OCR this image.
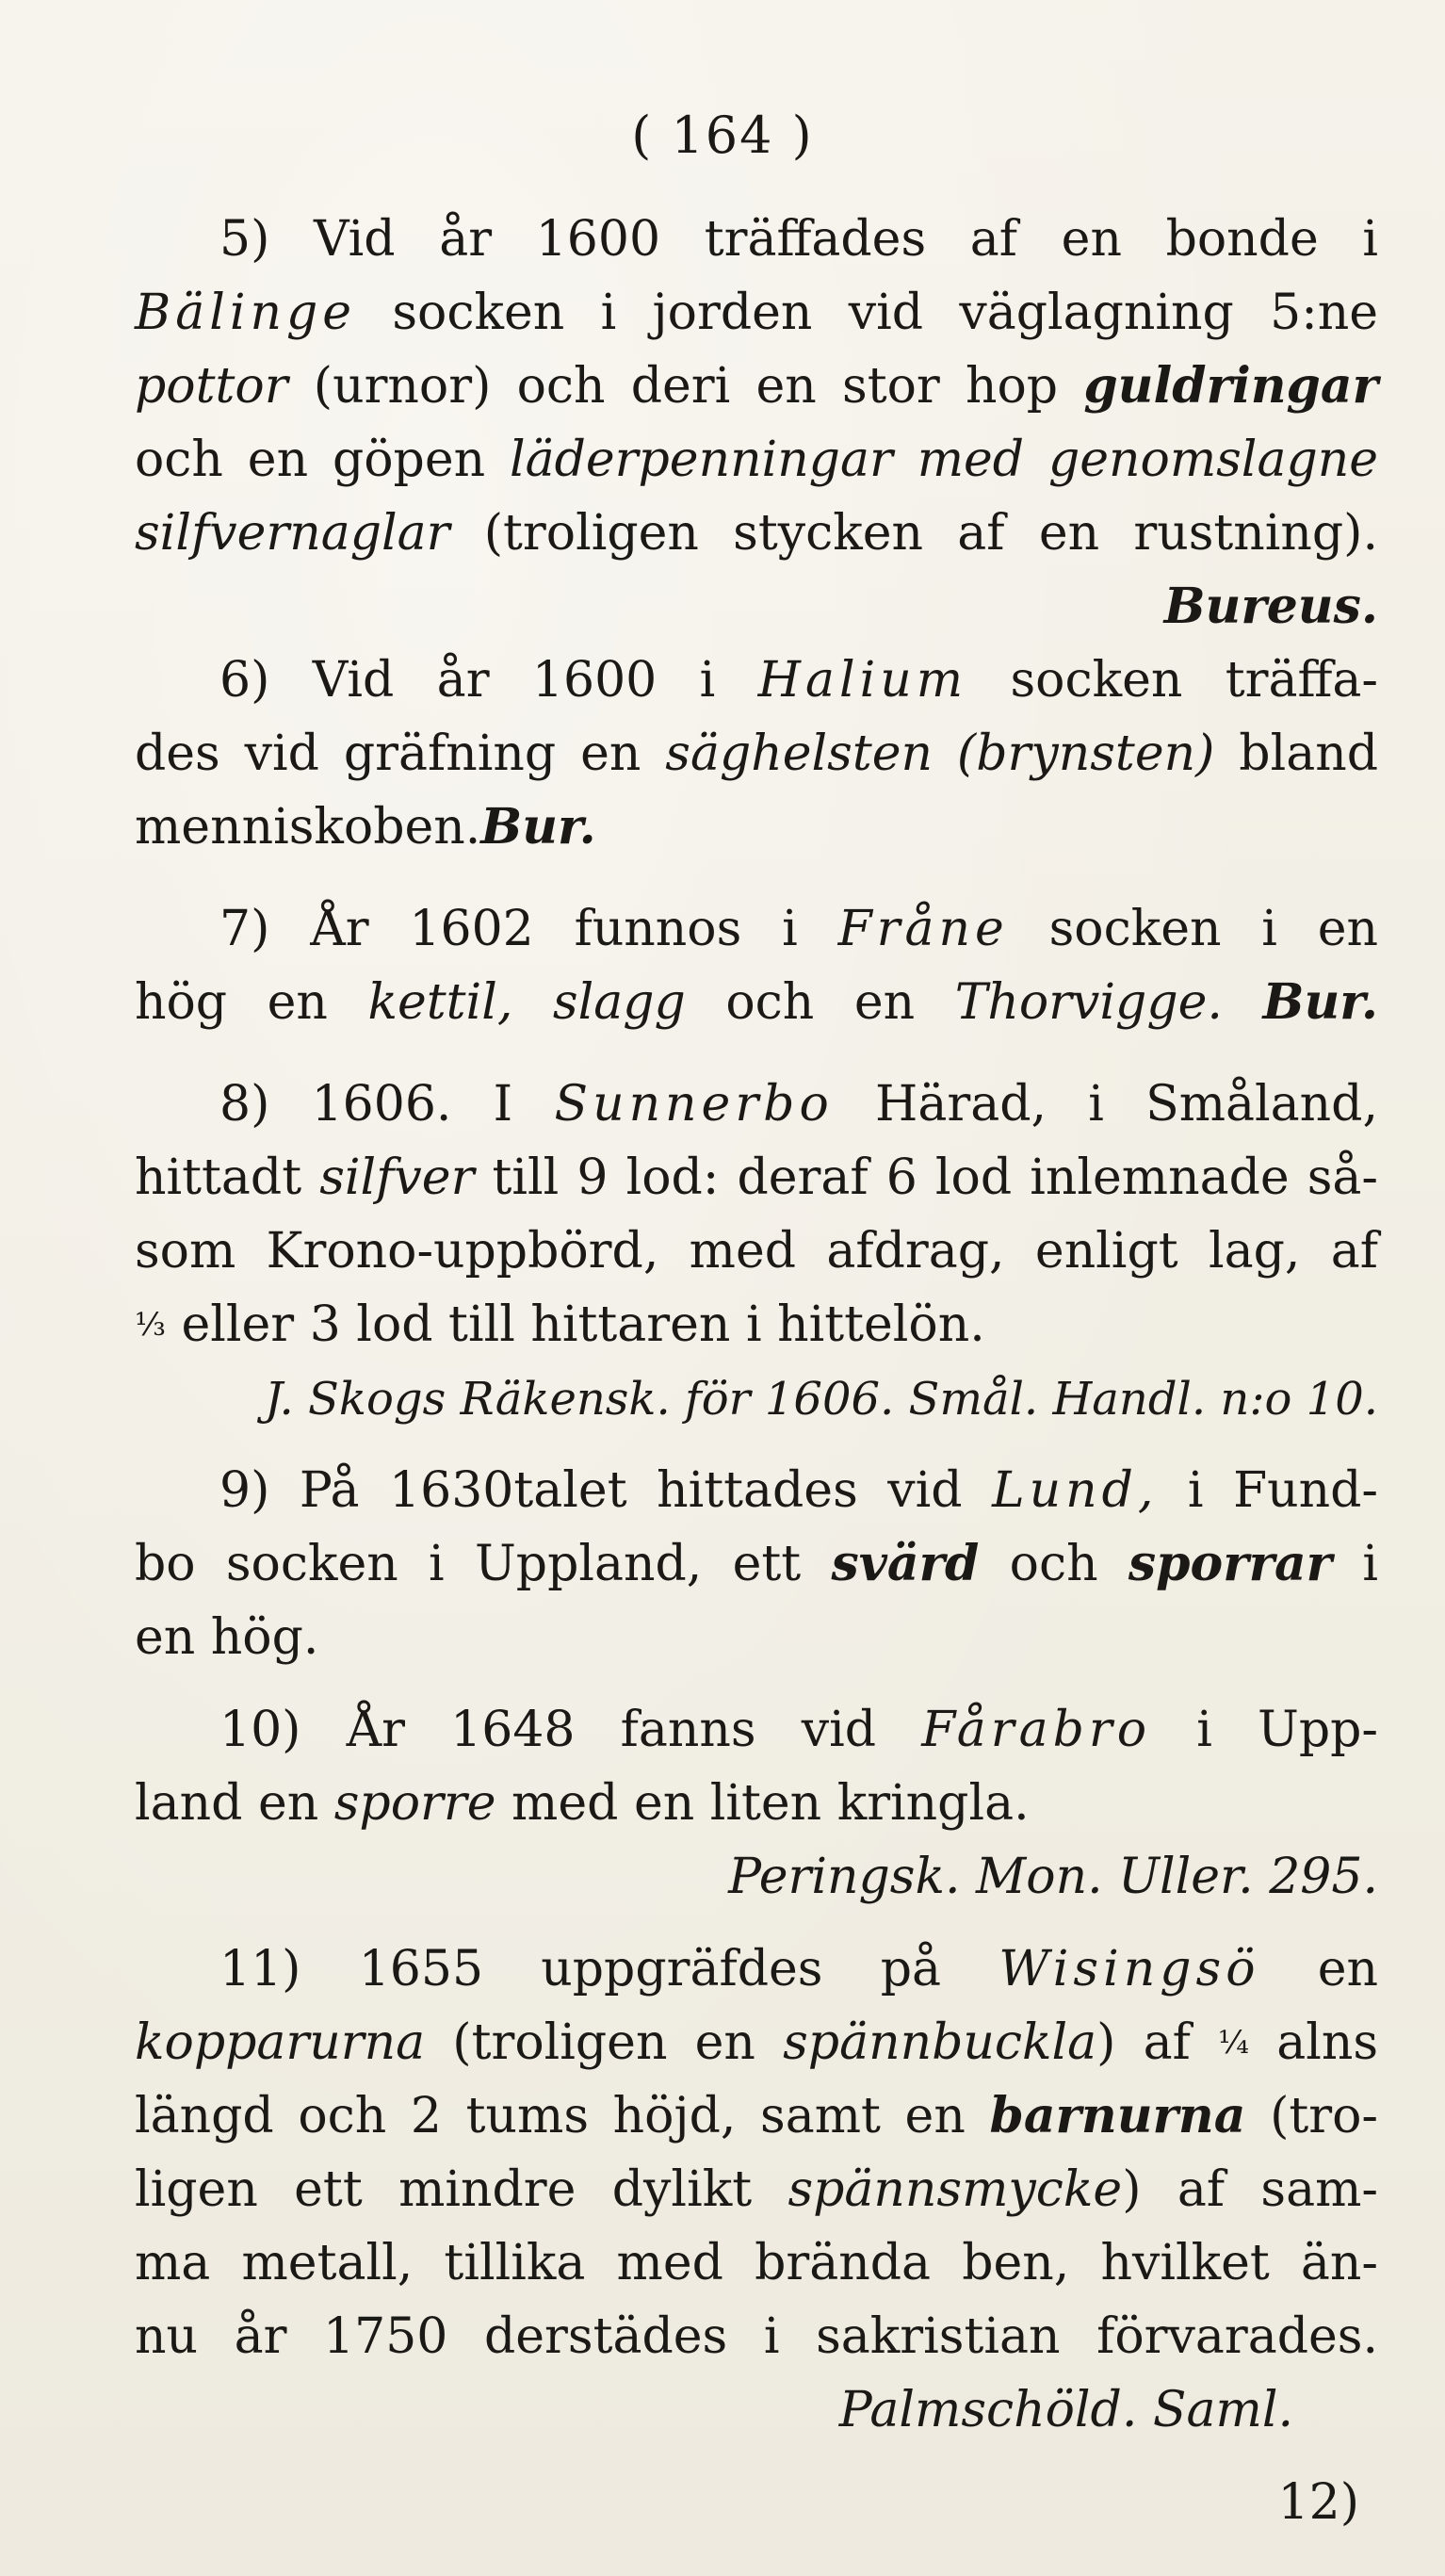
( 164 )
5) Vid år 1600 träffades af en bonde i
Bälinge socken i jorden vid väglagning 5:ne
pottor (urnor) och deri en stor hop guldringar
och en göpen läderpenningar med genomslagne
silfvernaglar (troligen stycken af en rustning).
Bureus.
6) Vid år 1600 i Halium socken träffa-
des vid gräfning en säghelsten (brynsten) bland
menniskoben.Bur.
7) År 1602 funnos i Fråne socken i en
hög en kettil, slagg och en Thorvigge. Bur.
8) 1606. I Sunnerbo Härad, i Småland,
hittadt silfver till 9 lod: deraf 6 lod inlemnade så-
som Krono-uppbörd, med afdrag, enligt lag, af
⅓ eller 3 lod till hittaren i hittelön.
J. Skogs Räkensk. för 1606. Smål. Handl. n:o 10.
9) På 1630talet hittades vid Lund, i Fund-
bo socken i Uppland, ett svärd och sporrar i
en hög.
10) År 1648 fanns vid Fårabro i Upp-
land en sporre med en liten kringla.
Peringsk. Mon. Uller. 295.
11) 1655 uppgräfdes på Wisingsö en
kopparurna (troligen en spännbuckla) af ¼ alns
längd och 2 tums höjd, samt en barnurna (tro-
ligen ett mindre dylikt spännsmycke) af sam-
ma metall, tillika med brända ben, hvilket än-
nu år 1750 derstädes i sakristian förvarades.
Palmschöld. Saml.
12)
